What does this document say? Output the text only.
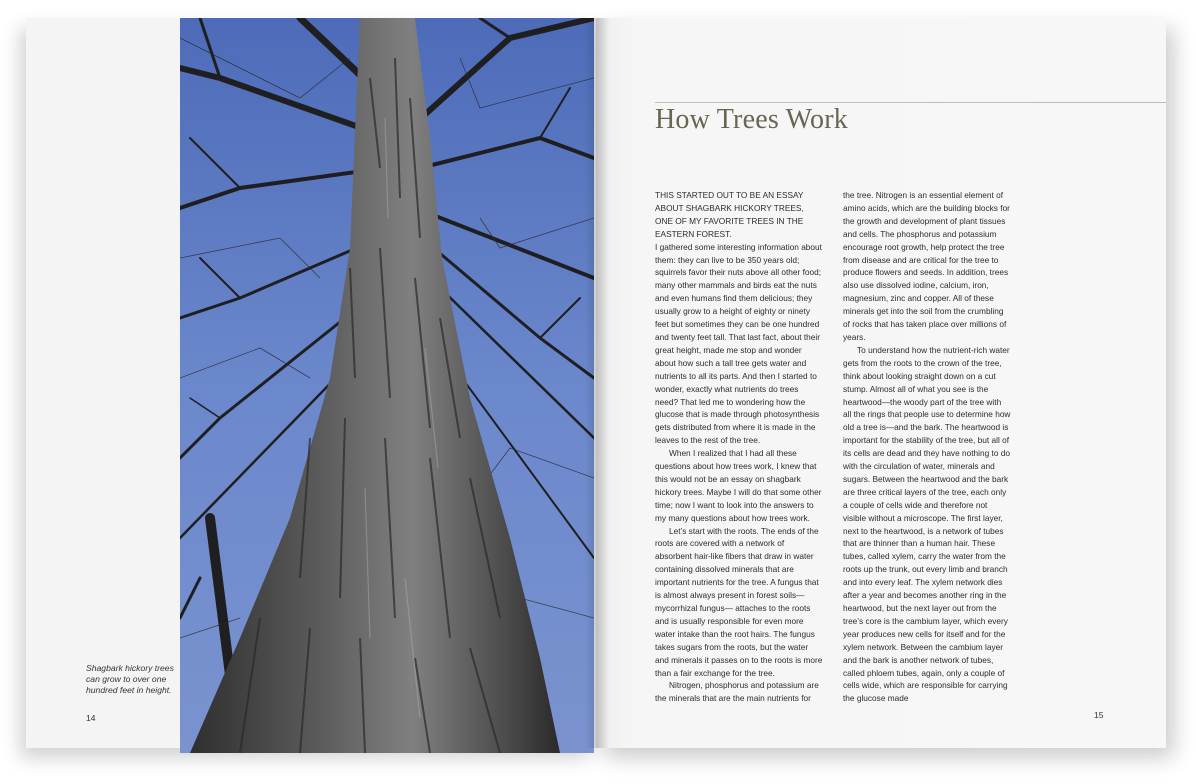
Shagbark hickory trees can grow to over one hundred feet in height.

14
How Trees Work

THIS STARTED OUT TO BE AN ESSAY ABOUT SHAGBARK HICKORY TREES, ONE OF MY FAVORITE TREES IN THE EASTERN FOREST.

I gathered some interesting information about them: they can live to be 350 years old; squirrels favor their nuts above all other food; many other mammals and birds eat the nuts and even humans find them delicious; they usually grow to a height of eighty or ninety feet but sometimes they can be one hundred and twenty feet tall. That last fact, about their great height, made me stop and wonder about how such a tall tree gets water and nutrients to all its parts. And then I started to wonder, exactly what nutrients do trees need? That led me to wondering how the glucose that is made through photosynthesis gets distributed from where it is made in the leaves to the rest of the tree.

When I realized that I had all these questions about how trees work, I knew that this would not be an essay on shagbark hickory trees. Maybe I will do that some other time; now I want to look into the answers to my many questions about how trees work.

Let’s start with the roots. The ends of the roots are covered with a network of absorbent hair-like fibers that draw in water containing dissolved minerals that are important nutrients for the tree. A fungus that is almost always present in forest soils—mycorrhizal fungus— attaches to the roots and is usually responsible for even more water intake than the root hairs. The fungus takes sugars from the roots, but the water and minerals it passes on to the roots is more than a fair exchange for the tree.

Nitrogen, phosphorus and potassium are the minerals that are the main nutrients for

the tree. Nitrogen is an essential element of amino acids, which are the building blocks for the growth and development of plant tissues and cells. The phosphorus and potassium encourage root growth, help protect the tree from disease and are critical for the tree to produce flowers and seeds. In addition, trees also use dissolved iodine, calcium, iron, magnesium, zinc and copper. All of these minerals get into the soil from the crumbling of rocks that has taken place over millions of years.

To understand how the nutrient-rich water gets from the roots to the crown of the tree, think about looking straight down on a cut stump. Almost all of what you see is the heartwood—the woody part of the tree with all the rings that people use to determine how old a tree is—and the bark. The heartwood is important for the stability of the tree, but all of its cells are dead and they have nothing to do with the circulation of water, minerals and sugars. Between the heartwood and the bark are three critical layers of the tree, each only a couple of cells wide and therefore not visible without a microscope. The first layer, next to the heartwood, is a network of tubes that are thinner than a human hair. These tubes, called xylem, carry the water from the roots up the trunk, out every limb and branch and into every leaf. The xylem network dies after a year and becomes another ring in the heartwood, but the next layer out from the tree’s core is the cambium layer, which every year produces new cells for itself and for the xylem network. Between the cambium layer and the bark is another network of tubes, called phloem tubes, again, only a couple of cells wide, which are responsible for carrying the glucose made

15
